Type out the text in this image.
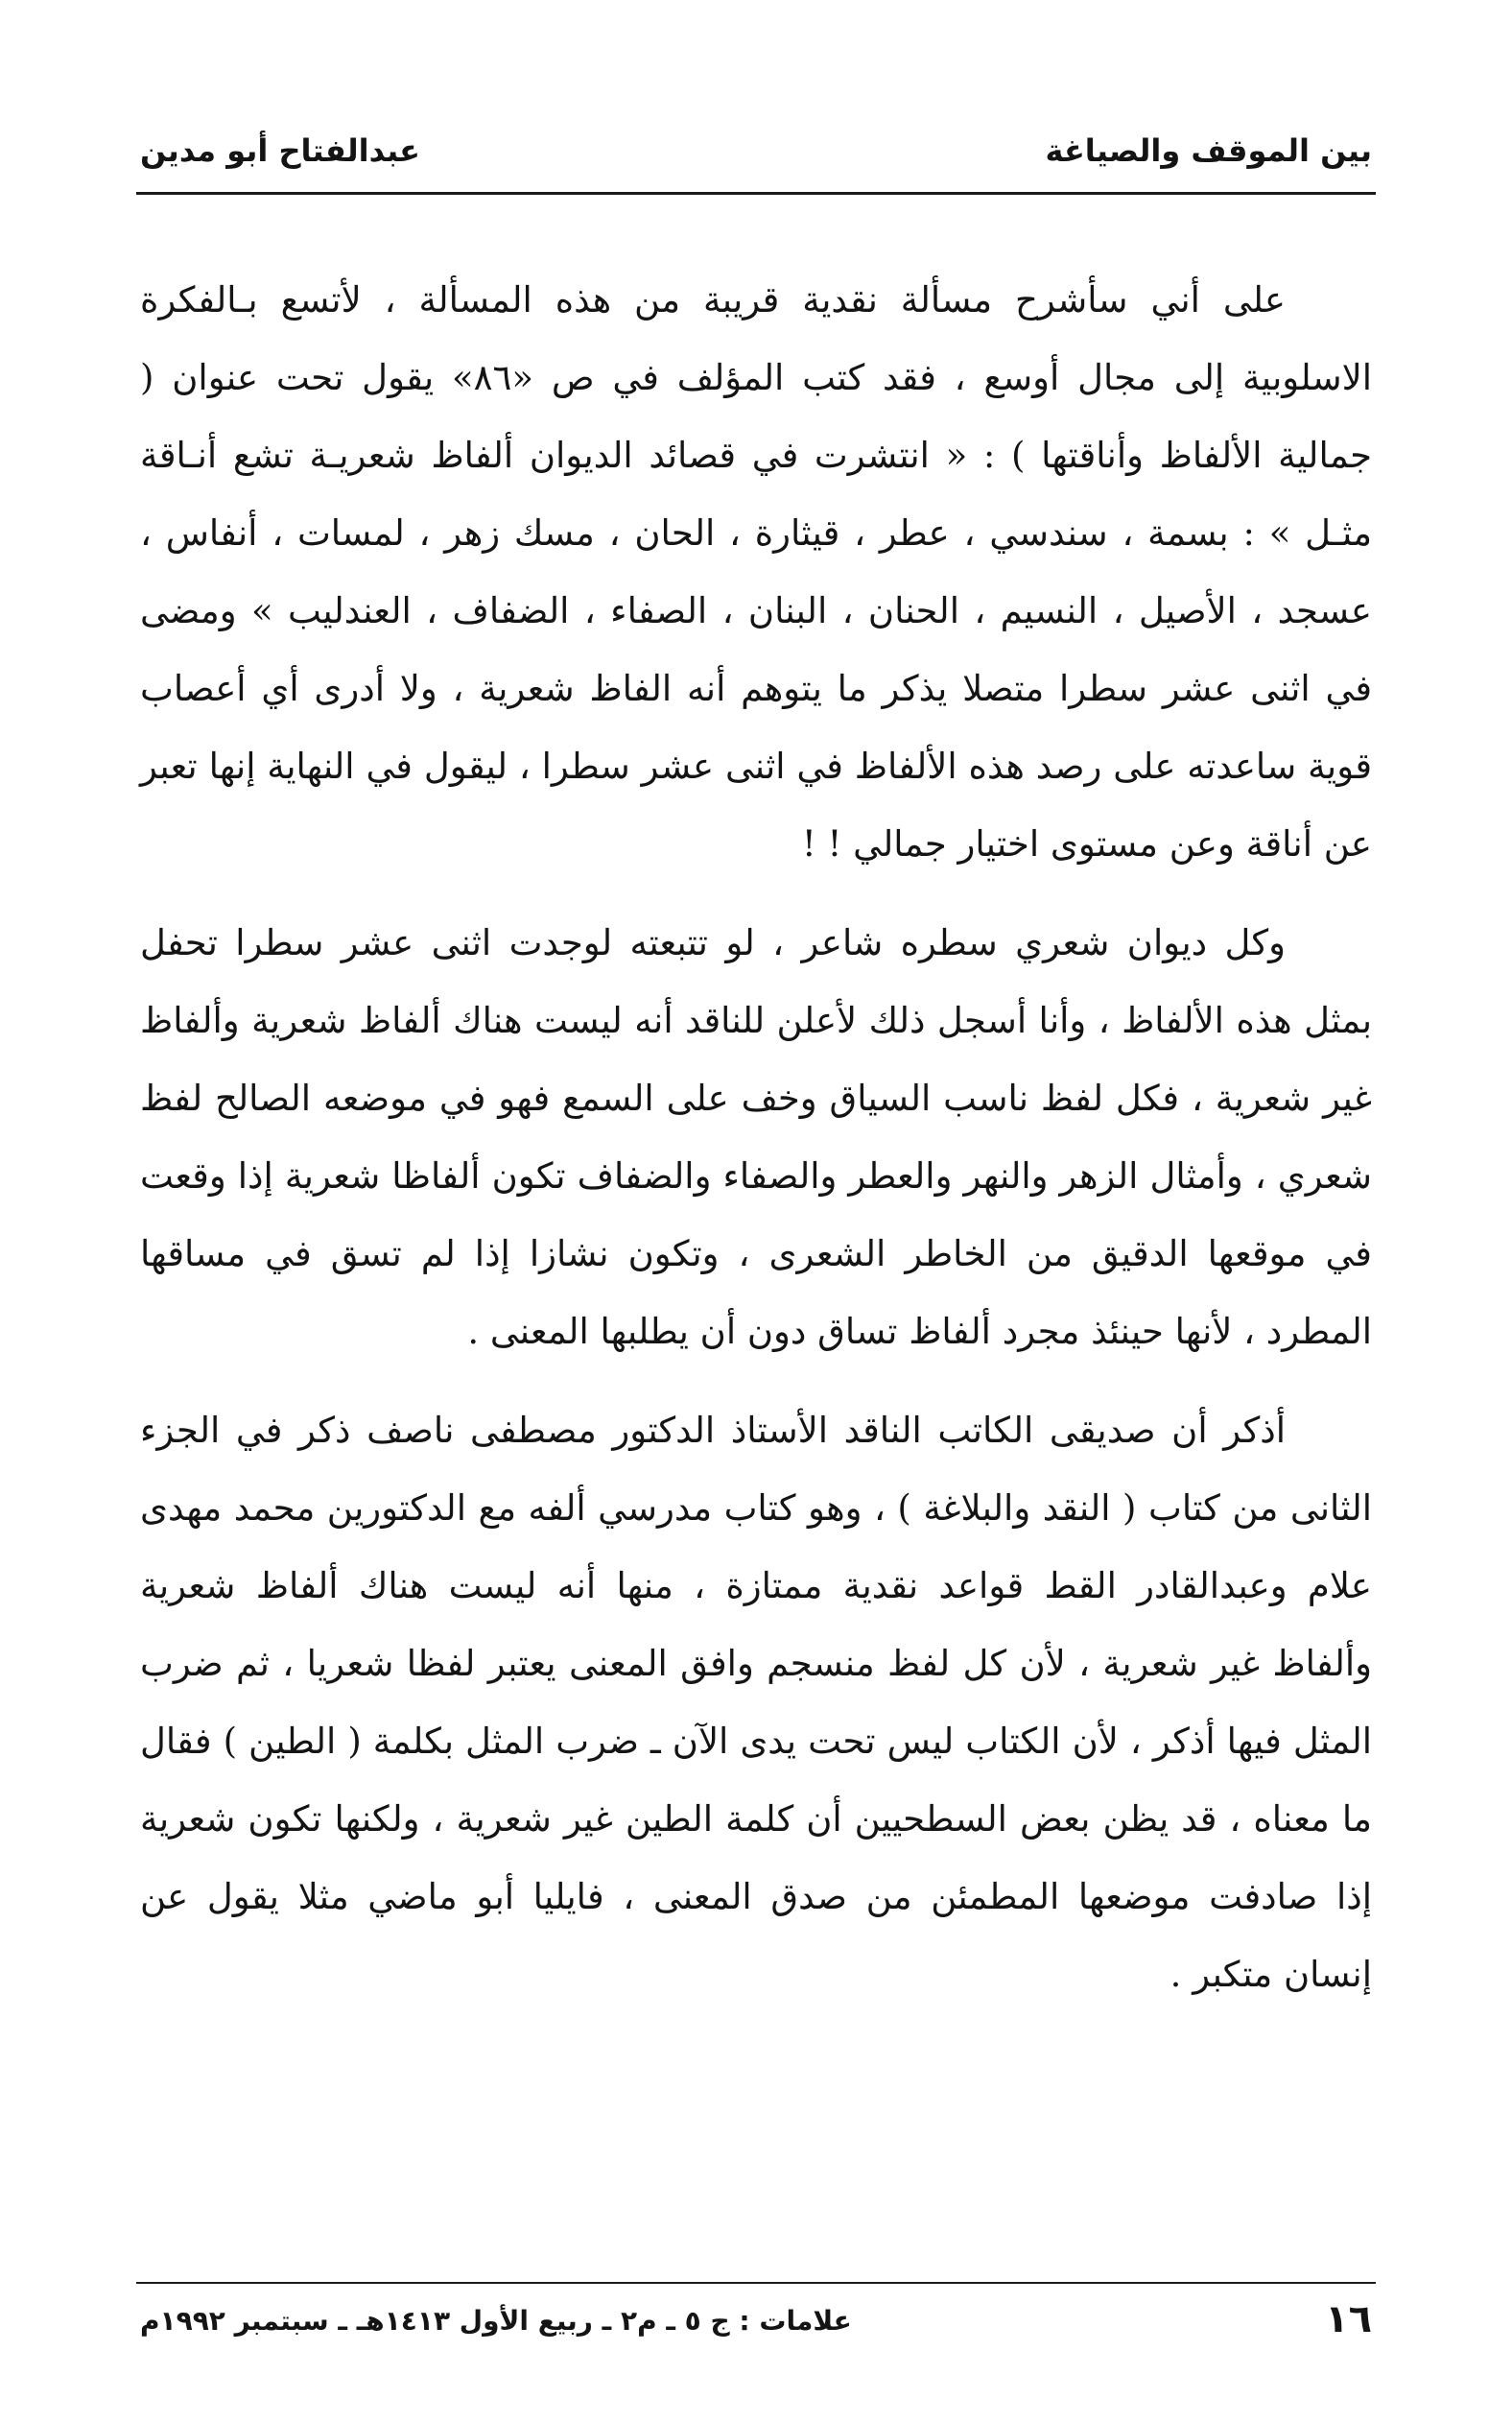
بين الموقف والصياغة
عبدالفتاح أبو مدين

على أني سأشرح مسألة نقدية قريبة من هذه المسألة ، لأتسع بـالفكرة الاسلوبية إلى مجال أوسع ، فقد كتب المؤلف في ص «٨٦» يقول تحت عنوان ( جمالية الألفاظ وأناقتها ) : « انتشرت في قصائد الديوان ألفاظ شعريـة تشع أنـاقة مثـل » : بسمة ، سندسي ، عطر ، قيثارة ، الحان ، مسك زهر ، لمسات ، أنفاس ، عسجد ، الأصيل ، النسيم ، الحنان ، البنان ، الصفاء ، الضفاف ، العندليب » ومضى في اثنى عشر سطرا متصلا يذكر ما يتوهم أنه الفاظ شعرية ، ولا أدرى أي أعصاب قوية ساعدته على رصد هذه الألفاظ في اثنى عشر سطرا ، ليقول في النهاية إنها تعبر عن أناقة وعن مستوى اختيار جمالي ! !

وكل ديوان شعري سطره شاعر ، لو تتبعته لوجدت اثنى عشر سطرا تحفل بمثل هذه الألفاظ ، وأنا أسجل ذلك لأعلن للناقد أنه ليست هناك ألفاظ شعرية وألفاظ غير شعرية ، فكل لفظ ناسب السياق وخف على السمع فهو في موضعه الصالح لفظ شعري ، وأمثال الزهر والنهر والعطر والصفاء والضفاف تكون ألفاظا شعرية إذا وقعت في موقعها الدقيق من الخاطر الشعرى ، وتكون نشازا إذا لم تسق في مساقها المطرد ، لأنها حينئذ مجرد ألفاظ تساق دون أن يطلبها المعنى .

أذكر أن صديقى الكاتب الناقد الأستاذ الدكتور مصطفى ناصف ذكر في الجزء الثانى من كتاب ( النقد والبلاغة ) ، وهو كتاب مدرسي ألفه مع الدكتورين محمد مهدى علام وعبدالقادر القط قواعد نقدية ممتازة ، منها أنه ليست هناك ألفاظ شعرية وألفاظ غير شعرية ، لأن كل لفظ منسجم وافق المعنى يعتبر لفظا شعريا ، ثم ضرب المثل فيها أذكر ، لأن الكتاب ليس تحت يدى الآن ـ ضرب المثل بكلمة ( الطين ) فقال ما معناه ، قد يظن بعض السطحيين أن كلمة الطين غير شعرية ، ولكنها تكون شعرية إذا صادفت موضعها المطمئن من صدق المعنى ، فايليا أبو ماضي مثلا يقول عن إنسان متكبر .

١٦
علامات : ج ٥ ـ م٢ ـ ربيع الأول ١٤١٣هـ ـ سبتمبر ١٩٩٢م
